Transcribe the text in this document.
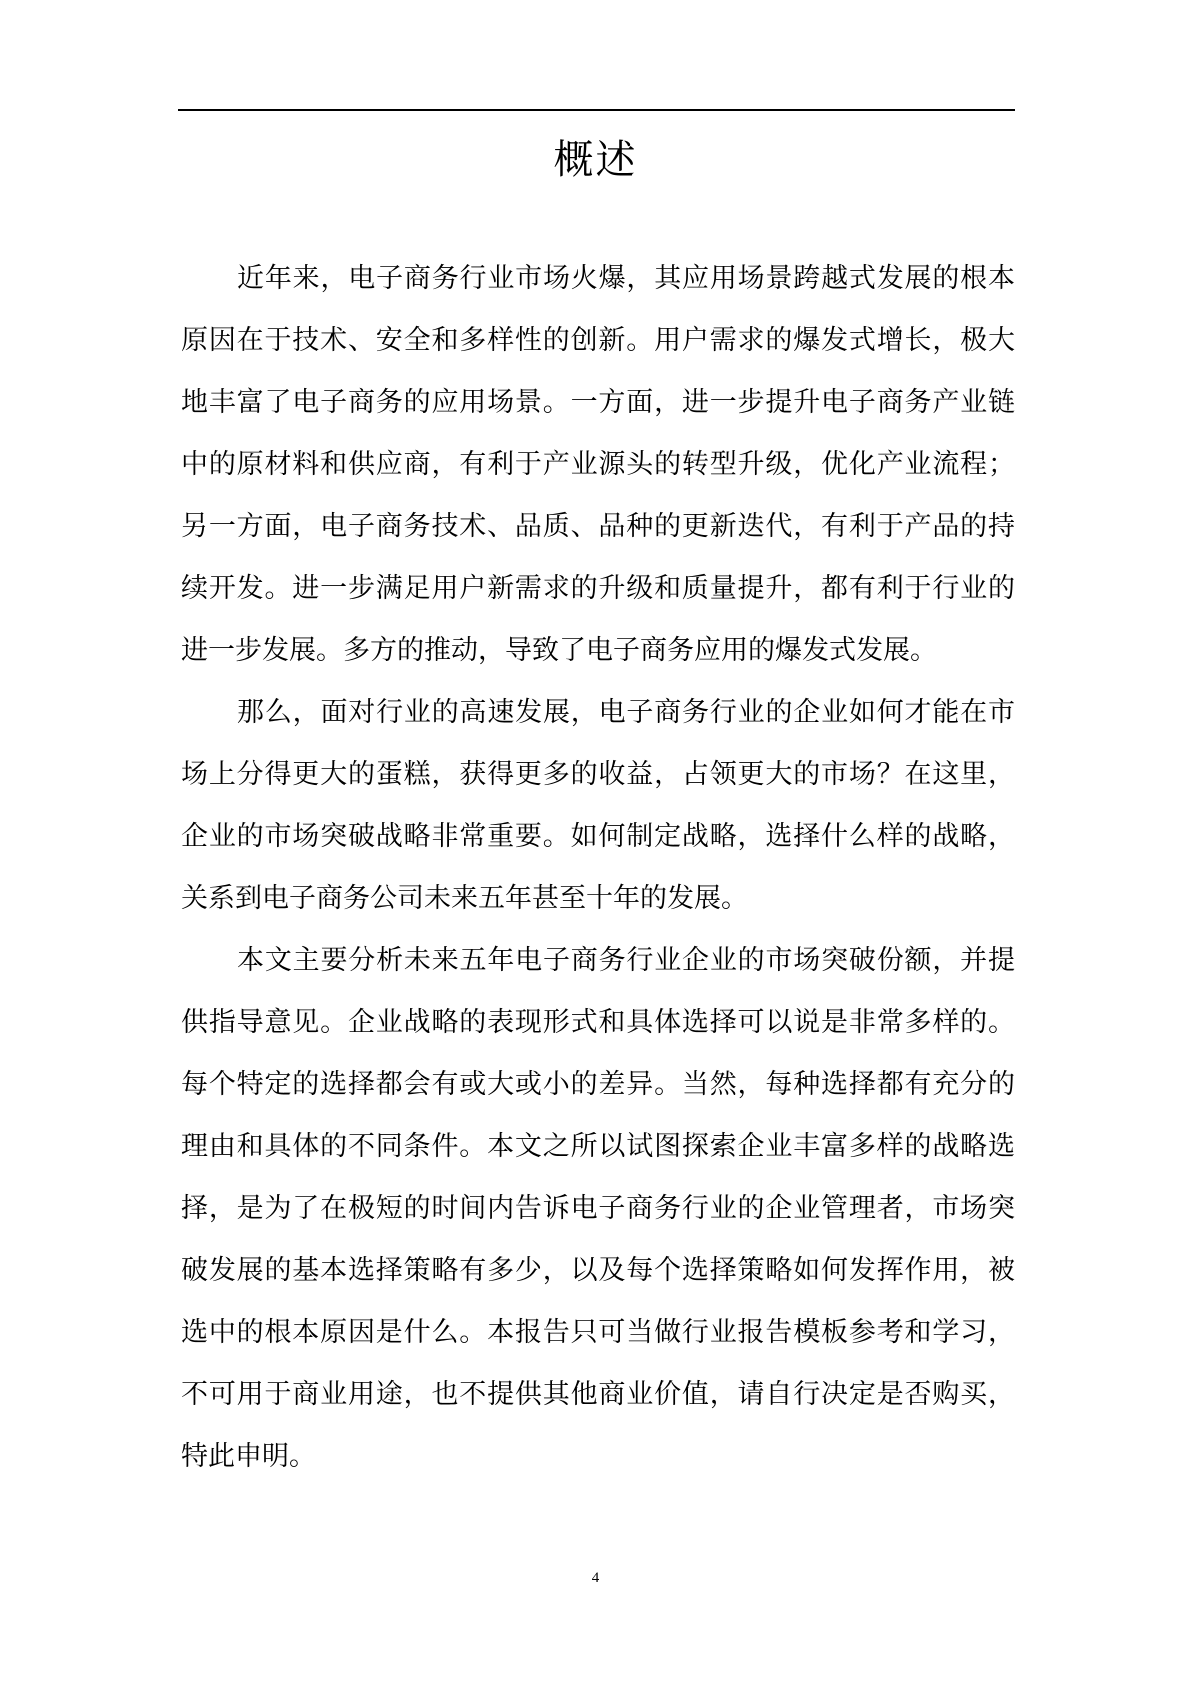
概述

近年来，电子商务行业市场火爆，其应用场景跨越式发展的根本原因在于技术、安全和多样性的创新。用户需求的爆发式增长，极大地丰富了电子商务的应用场景。一方面，进一步提升电子商务产业链中的原材料和供应商，有利于产业源头的转型升级，优化产业流程；另一方面，电子商务技术、品质、品种的更新迭代，有利于产品的持续开发。进一步满足用户新需求的升级和质量提升，都有利于行业的进一步发展。多方的推动，导致了电子商务应用的爆发式发展。

那么，面对行业的高速发展，电子商务行业的企业如何才能在市场上分得更大的蛋糕，获得更多的收益，占领更大的市场？在这里，企业的市场突破战略非常重要。如何制定战略，选择什么样的战略，关系到电子商务公司未来五年甚至十年的发展。

本文主要分析未来五年电子商务行业企业的市场突破份额，并提供指导意见。企业战略的表现形式和具体选择可以说是非常多样的。每个特定的选择都会有或大或小的差异。当然，每种选择都有充分的理由和具体的不同条件。本文之所以试图探索企业丰富多样的战略选择，是为了在极短的时间内告诉电子商务行业的企业管理者，市场突破发展的基本选择策略有多少，以及每个选择策略如何发挥作用，被选中的根本原因是什么。本报告只可当做行业报告模板参考和学习，不可用于商业用途，也不提供其他商业价值，请自行决定是否购买，特此申明。

4
